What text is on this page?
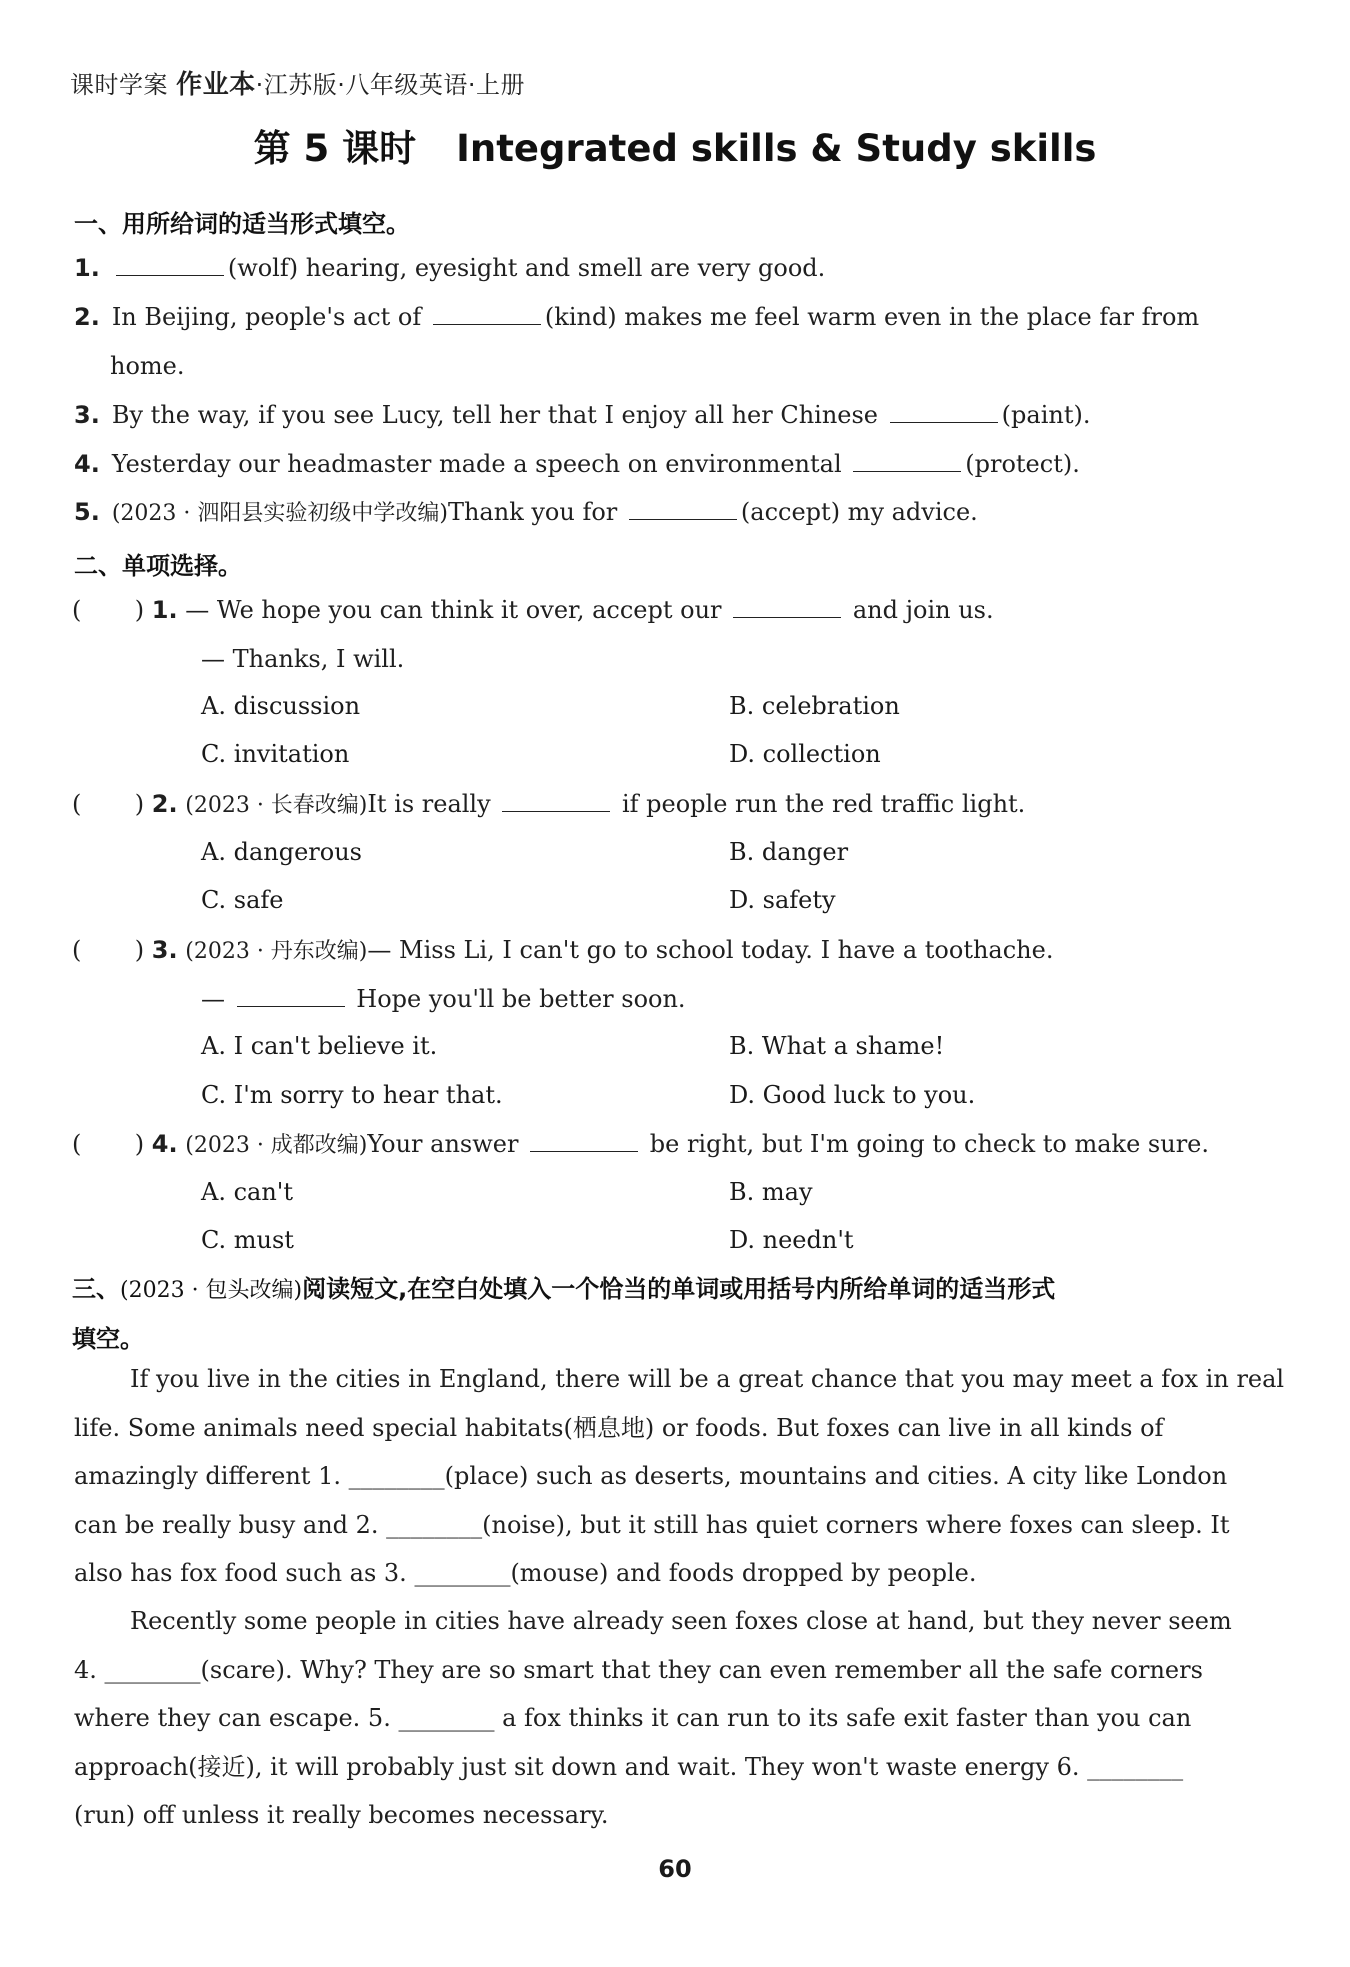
课时学案 作业本·江苏版·八年级英语·上册
第 5 课时 Integrated skills & Study skills
一、用所给词的适当形式填空。
1.	(wolf) hearing, eyesight and smell are very good.
2. In Beijing, people's act of	(kind) makes me feel warm even in the place far from
home.
3. By the way, if you see Lucy, tell her that I enjoy all her Chinese	(paint).
4. Yesterday our headmaster made a speech on environmental	(protect).
5. (2023 · 泗阳县实验初级中学改编)Thank you for	(accept) my advice.
二、单项选择。
(       ) 1. — We hope you can think it over, accept our	and join us.
— Thanks, I will.
A. discussion	B. celebration
C. invitation	D. collection
(       ) 2. (2023 · 长春改编)It is really	if people run the red traffic light.
A. dangerous	B. danger
C. safe	D. safety
(       ) 3. (2023 · 丹东改编)— Miss Li, I can't go to school today. I have a toothache.
—	Hope you'll be better soon.
A. I can't believe it.	B. What a shame!
C. I'm sorry to hear that.	D. Good luck to you.
(       ) 4. (2023 · 成都改编)Your answer	be right, but I'm going to check to make sure.
A. can't	B. may
C. must	D. needn't
三、(2023 · 包头改编)阅读短文,在空白处填入一个恰当的单词或用括号内所给单词的适当形式
填空。
If you live in the cities in England, there will be a great chance that you may meet a fox in real
life. Some animals need special habitats(栖息地) or foods. But foxes can live in all kinds of
amazingly different 1. ________(place) such as deserts, mountains and cities. A city like London
can be really busy and 2. ________(noise), but it still has quiet corners where foxes can sleep. It
also has fox food such as 3. ________(mouse) and foods dropped by people.
Recently some people in cities have already seen foxes close at hand, but they never seem
4. ________(scare). Why? They are so smart that they can even remember all the safe corners
where they can escape. 5. ________ a fox thinks it can run to its safe exit faster than you can
approach(接近), it will probably just sit down and wait. They won't waste energy 6. ________
(run) off unless it really becomes necessary.
60
